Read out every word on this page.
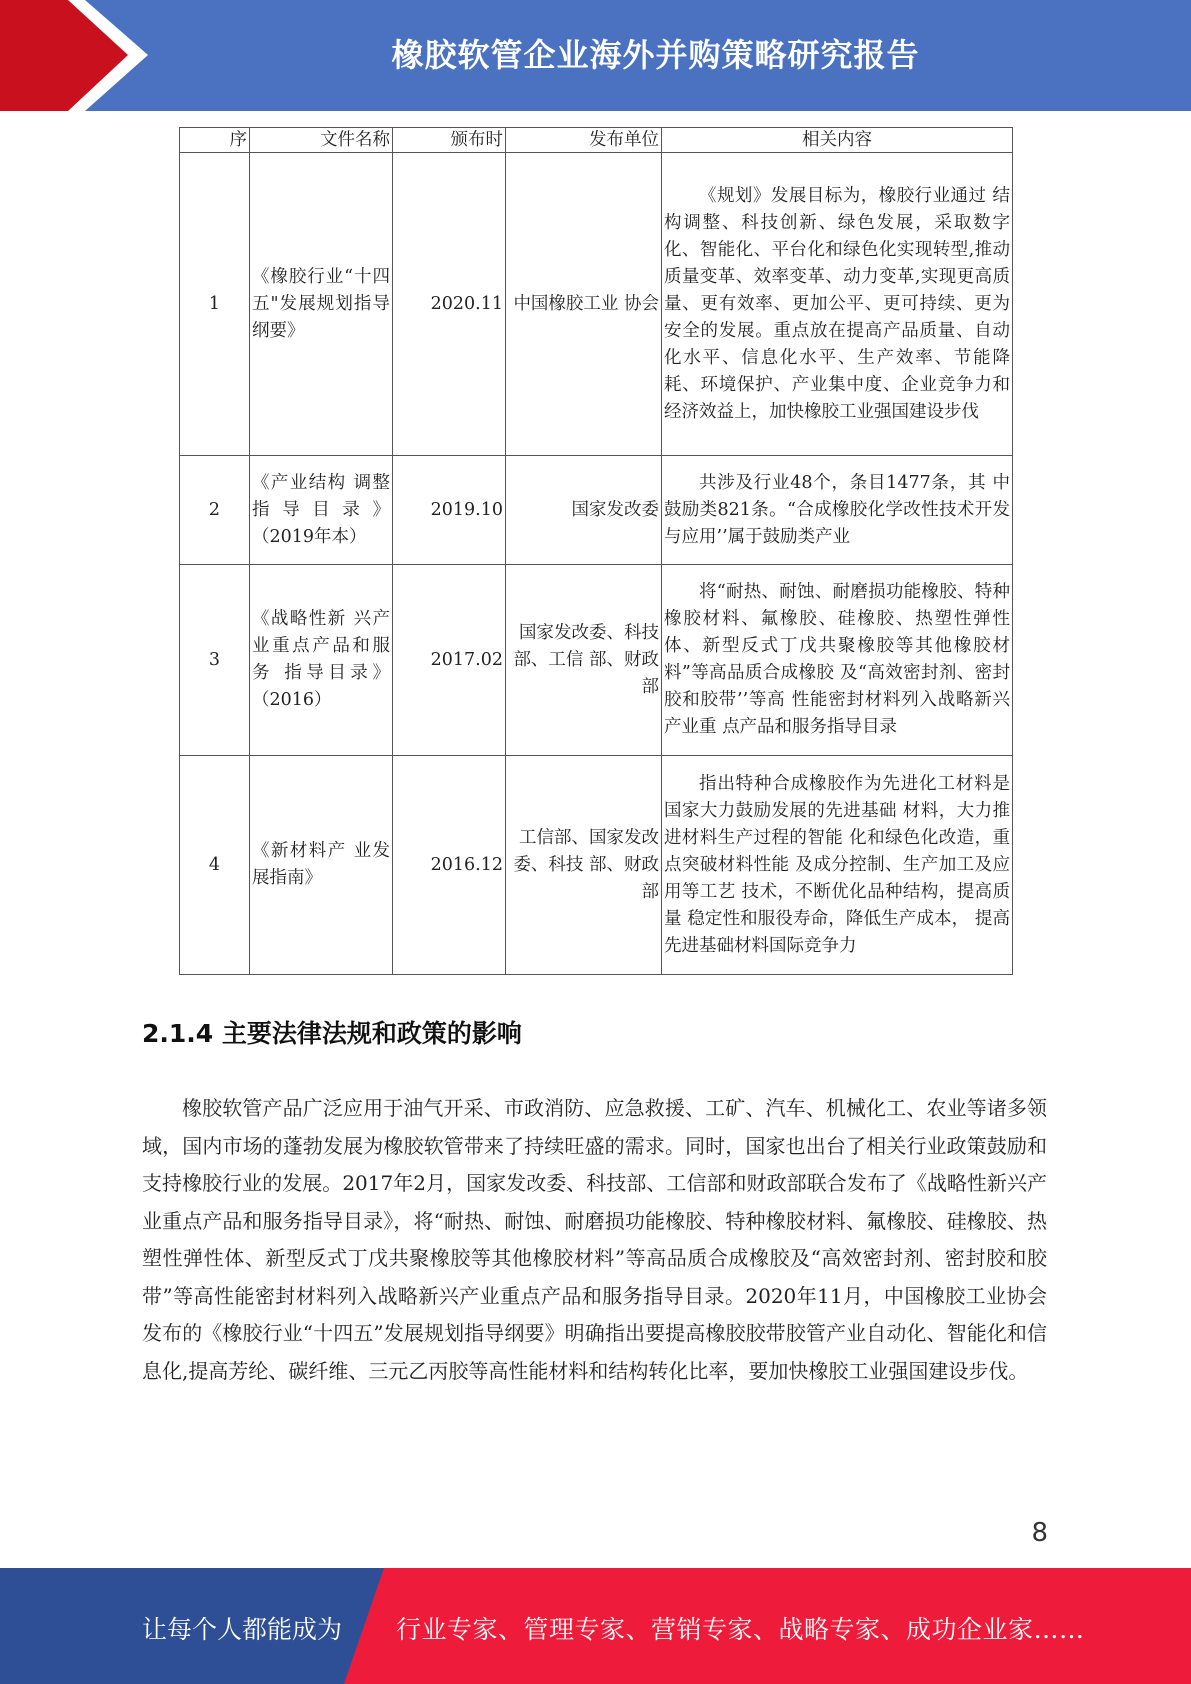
橡胶软管企业海外并购策略研究报告
序	文件名称	颁布时	发布单位	相关内容
1	《橡胶行业“十四五"发展规划指导 纲要》	2020.11	中国橡胶工业 协会	《规划》发展目标为，橡胶行业通过 结构调整、科技创新、绿色发展，采取数字化、智能化、平台化和绿色化实现转型,推动质量变革、效率变革、动力变革,实现更高质量、更有效率、更加公平、更可持续、更为安全的发展。重点放在提高产品质量、自动化水平、信息化水平、生产效率、节能降耗、环境保护、产业集中度、企业竞争力和经济效益上，加快橡胶工业强国建设步伐
2	《产业结构 调整指导目录》（2019年本）	2019.10	国家发改委	共涉及行业48个，条目1477条，其 中鼓励类821条。“合成橡胶化学改性技术开发与应用’’属于鼓励类产业
3	《战略性新 兴产业重点产品和服务 指导目录》（2016）	2017.02	国家发改委、科技部、工信 部、财政部	将“耐热、耐蚀、耐磨损功能橡胶、特种橡胶材料、氟橡胶、硅橡胶、热塑性弹性体、新型反式丁戊共聚橡胶等其他橡胶材料”等高品质合成橡胶 及“高效密封剂、密封胶和胶带’’等高 性能密封材料列入战略新兴产业重 点产品和服务指导目录
4	《新材料产 业发展指南》	2016.12	工信部、国家发改委、科技 部、财政部	指出特种合成橡胶作为先进化工材料是国家大力鼓励发展的先进基础 材料，大力推进材料生产过程的智能 化和绿色化改造，重点突破材料性能 及成分控制、生产加工及应用等工艺 技术，不断优化品种结构，提高质量 稳定性和服役寿命，降低生产成本， 提高先进基础材料国际竞争力
2.1.4 主要法律法规和政策的影响

橡胶软管产品广泛应用于油气开采、市政消防、应急救援、工矿、汽车、机械化工、农业等诸多领域，国内市场的蓬勃发展为橡胶软管带来了持续旺盛的需求。同时，国家也出台了相关行业政策鼓励和支持橡胶行业的发展。2017年2月，国家发改委、科技部、工信部和财政部联合发布了《战略性新兴产业重点产品和服务指导目录》，将“耐热、耐蚀、耐磨损功能橡胶、特种橡胶材料、氟橡胶、硅橡胶、热塑性弹性体、新型反式丁戊共聚橡胶等其他橡胶材料”等高品质合成橡胶及“高效密封剂、密封胶和胶带”等高性能密封材料列入战略新兴产业重点产品和服务指导目录。2020年11月，中国橡胶工业协会发布的《橡胶行业“十四五”发展规划指导纲要》明确指出要提高橡胶胶带胶管产业自动化、智能化和信息化,提高芳纶、碳纤维、三元乙丙胶等高性能材料和结构转化比率，要加快橡胶工业强国建设步伐。

8
让每个人都能成为 行业专家、管理专家、营销专家、战略专家、成功企业家……
